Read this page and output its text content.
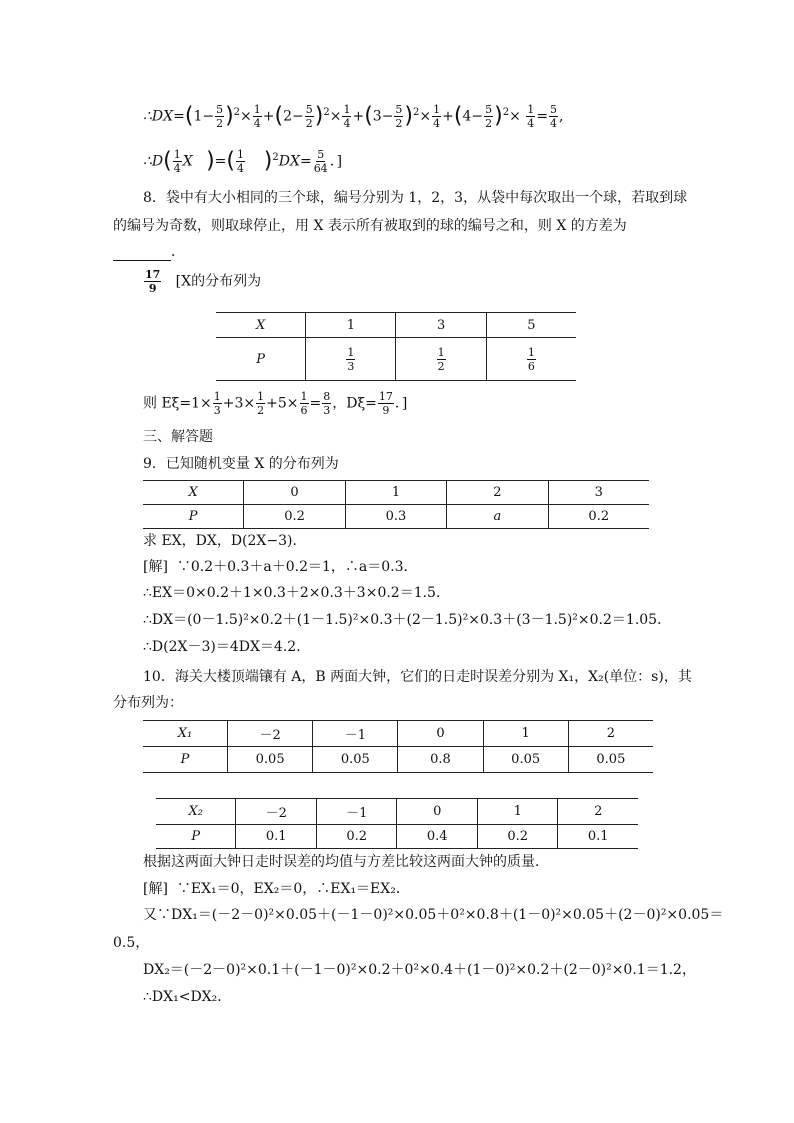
∴DX=(1− $\frac{5}{2} )^2\times \frac{1}{4} +(2- \frac{5}{2} )^2\times \frac{1}{4} +(3- \frac{5}{2} )^2\times \frac{1}{4} +(4- \frac{5}{2} )^2\times \frac{1}{4} = \frac{5}{4}$ ,
∴D( $\frac{1}{4}$ X )=( $\frac{1}{4} )^2DX= \frac{5}{64}$ ．]
8．袋中有大小相同的三个球，编号分别为 1，2，3，从袋中每次取出一个球，若取到球
的编号为奇数，则取球停止，用 X 表示所有被取到的球的编号之和，则 X 的方差为
．
$\frac{17}{9} [X$的分布列为
X	1	3	5
P	$\frac{1}{3}$	$\frac{1}{2}$	$\frac{1}{6}$
则 $E\xi=1\times \frac{1}{3} +3\times \frac{1}{2} +5\times \frac{1}{6} = \frac{8}{3}$ ，$D\xi= \frac{17}{9}$ ．]
三、解答题
9．已知随机变量 X 的分布列为
X	0	1	2	3
P	0.2	0.3	a	0.2
求 EX，DX，D(2X−3)．
[解] ∵0.2＋0.3＋a＋0.2＝1，∴a＝0.3．
∴EX＝0×0.2＋1×0.3＋2×0.3＋3×0.2＝1.5．
∴DX＝(0－1.5)²×0.2＋(1－1.5)²×0.3＋(2－1.5)²×0.3＋(3－1.5)²×0.2＝1.05．
∴D(2X－3)＝4DX＝4.2．
10．海关大楼顶端镶有 A，B 两面大钟，它们的日走时误差分别为 X₁，X₂(单位：s)，其
分布列为：
X₁	－2	－1	0	1	2
P	0.05	0.05	0.8	0.05	0.05
X₂	－2	－1	0	1	2
P	0.1	0.2	0.4	0.2	0.1
根据这两面大钟日走时误差的均值与方差比较这两面大钟的质量．
[解] ∵EX₁＝0，EX₂＝0，∴EX₁＝EX₂．
又∵DX₁＝(－2－0)²×0.05＋(－1－0)²×0.05＋0²×0.8＋(1－0)²×0.05＋(2－0)²×0.05＝
0.5，
DX₂＝(－2－0)²×0.1＋(－1－0)²×0.2＋0²×0.4＋(1－0)²×0.2＋(2－0)²×0.1＝1.2，
∴DX₁<DX₂．
